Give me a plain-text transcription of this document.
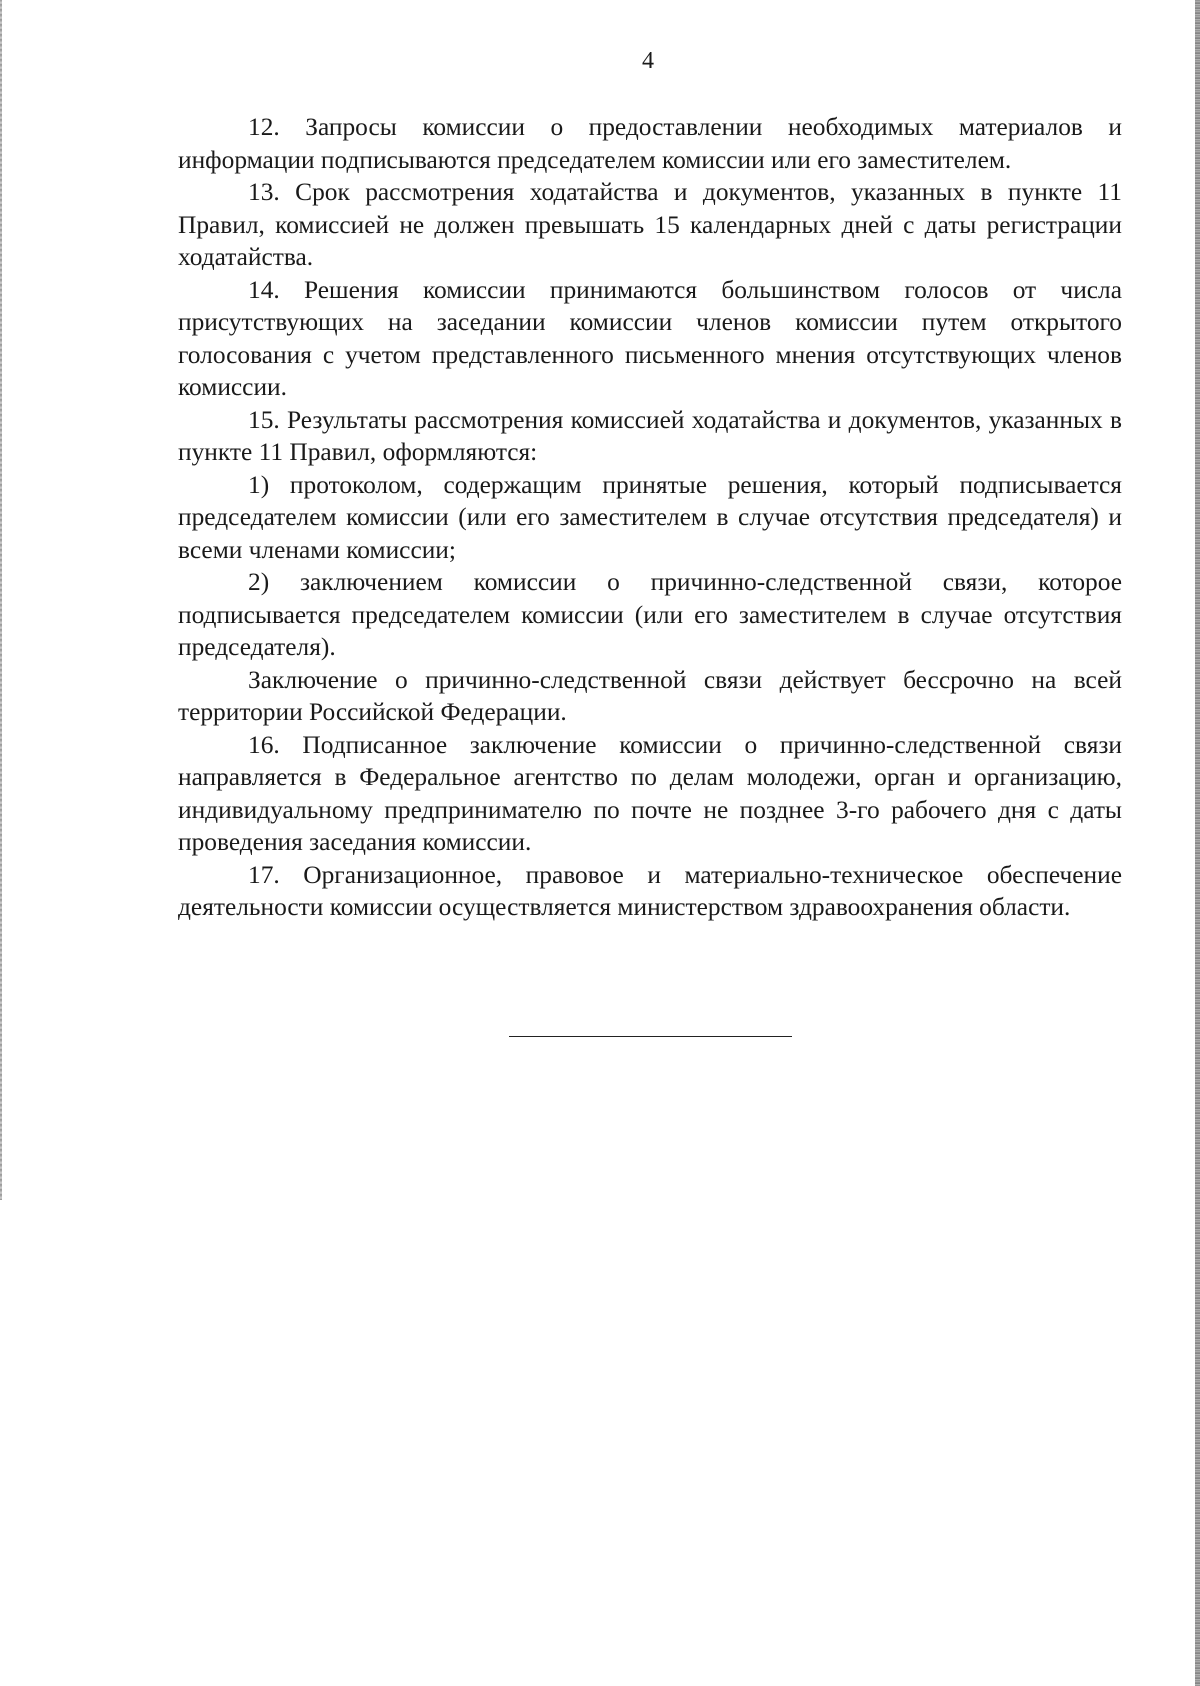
4

12. Запросы комиссии о предоставлении необходимых материалов и информации подписываются председателем комиссии или его заместителем.

13. Срок рассмотрения ходатайства и документов, указанных в пункте 11 Правил, комиссией не должен превышать 15 календарных дней с даты регистрации ходатайства.

14. Решения комиссии принимаются большинством голосов от числа присутствующих на заседании комиссии членов комиссии путем открытого голосования с учетом представленного письменного мнения отсутствующих членов комиссии.

15. Результаты рассмотрения комиссией ходатайства и документов, указанных в пункте 11 Правил, оформляются:

1) протоколом, содержащим принятые решения, который подписывается председателем комиссии (или его заместителем в случае отсутствия председателя) и всеми членами комиссии;

2) заключением комиссии о причинно-следственной связи, которое подписывается председателем комиссии (или его заместителем в случае отсутствия председателя).

Заключение о причинно-следственной связи действует бессрочно на всей территории Российской Федерации.

16. Подписанное заключение комиссии о причинно-следственной связи направляется в Федеральное агентство по делам молодежи, орган и организацию, индивидуальному предпринимателю по почте не позднее 3-го рабочего дня с даты проведения заседания комиссии.

17. Организационное, правовое и материально-техническое обеспечение деятельности комиссии осуществляется министерством здравоохранения области.
